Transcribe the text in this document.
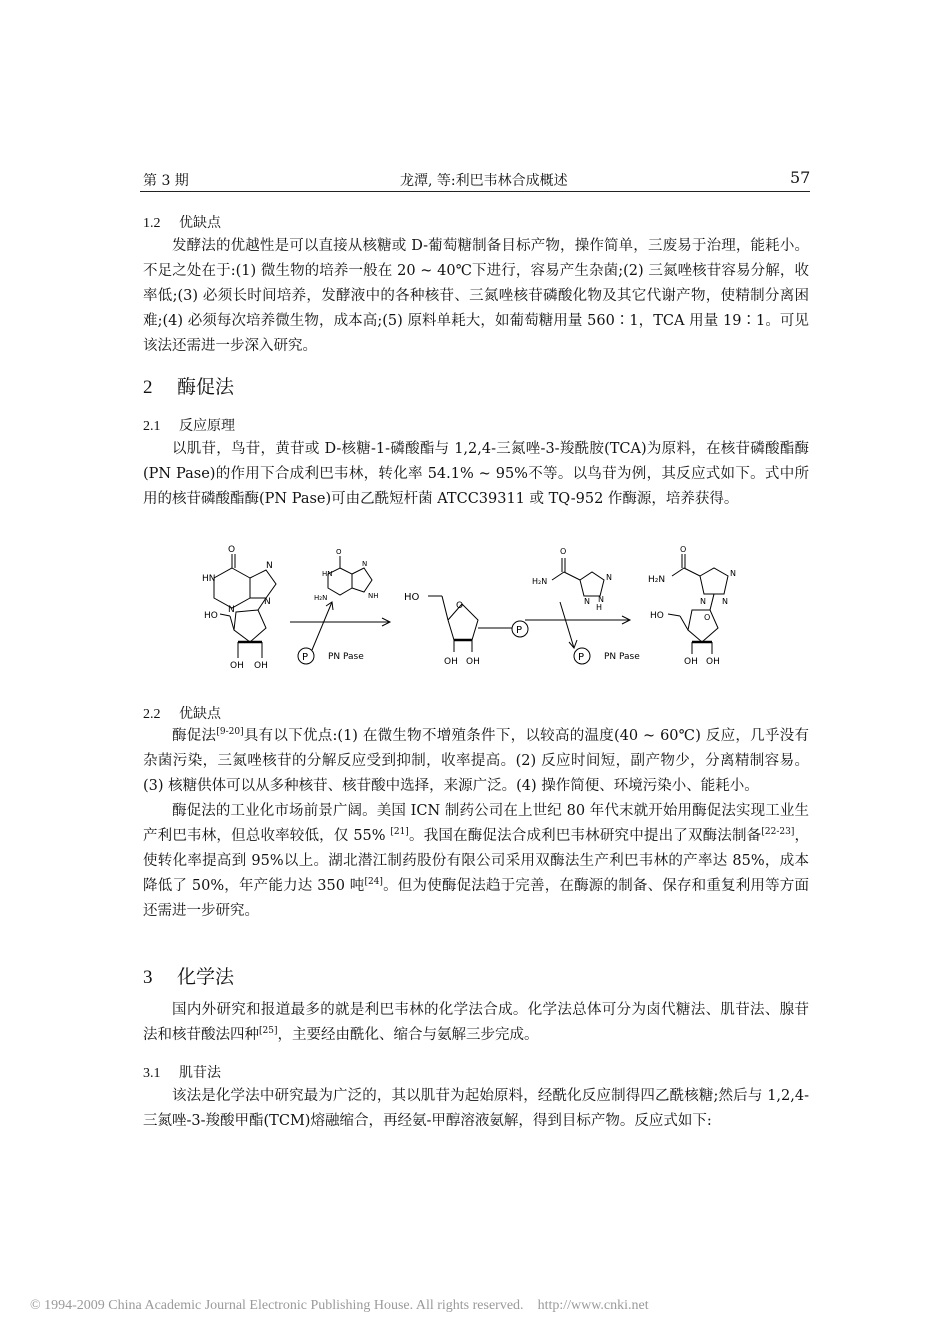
第 3 期	龙潭, 等:利巴韦林合成概述	57
1.2 优缺点

发酵法的优越性是可以直接从核糖或 D-葡萄糖制备目标产物，操作简单，三废易于治理，能耗小。不足之处在于:(1) 微生物的培养一般在 20 ~ 40℃下进行，容易产生杂菌;(2) 三氮唑核苷容易分解，收率低;(3) 必须长时间培养，发酵液中的各种核苷、三氮唑核苷磷酸化物及其它代谢产物，使精制分离困难;(4) 必须每次培养微生物，成本高;(5) 原料单耗大，如葡萄糖用量 560∶1，TCA 用量 19∶1。可见该法还需进一步深入研究。

2 酶促法
2.1 反应原理

以肌苷，鸟苷，黄苷或 D-核糖-1-磷酸酯与 1,2,4-三氮唑-3-羧酰胺(TCA)为原料，在核苷磷酸酯酶(PN Pase)的作用下合成利巴韦林，转化率 54.1% ~ 95%不等。以鸟苷为例，其反应式如下。式中所用的核苷磷酸酯酶(PN Pase)可由乙酰短杆菌 ATCC39311 或 TQ-952 作酶源，培养获得。

O
HN
N
N
N
HO
OH OH
O
HN
H₂N
N
NH
P PN Pase
HO
O
OH OH
P
O
H₂N	N
N
N
H
P PN Pase
O
H₂N
N
N
N
HO	O
OH OH
2.2 优缺点

酶促法[9-20]具有以下优点:(1) 在微生物不增殖条件下，以较高的温度(40 ~ 60℃) 反应，几乎没有杂菌污染，三氮唑核苷的分解反应受到抑制，收率提高。(2) 反应时间短，副产物少，分离精制容易。(3) 核糖供体可以从多种核苷、核苷酸中选择，来源广泛。(4) 操作简便、环境污染小、能耗小。

酶促法的工业化市场前景广阔。美国 ICN 制药公司在上世纪 80 年代末就开始用酶促法实现工业生产利巴韦林，但总收率较低，仅 55% [21]。我国在酶促法合成利巴韦林研究中提出了双酶法制备[22-23]，使转化率提高到 95%以上。湖北潜江制药股份有限公司采用双酶法生产利巴韦林的产率达 85%，成本降低了 50%，年产能力达 350 吨[24]。但为使酶促法趋于完善，在酶源的制备、保存和重复利用等方面还需进一步研究。

3 化学法

国内外研究和报道最多的就是利巴韦林的化学法合成。化学法总体可分为卤代糖法、肌苷法、腺苷法和核苷酸法四种[25]，主要经由酰化、缩合与氨解三步完成。

3.1 肌苷法

该法是化学法中研究最为广泛的，其以肌苷为起始原料，经酰化反应制得四乙酰核糖;然后与 1,2,4-三氮唑-3-羧酸甲酯(TCM)熔融缩合，再经氨-甲醇溶液氨解，得到目标产物。反应式如下:

© 1994-2009 China Academic Journal Electronic Publishing House. All rights reserved. http://www.cnki.net
